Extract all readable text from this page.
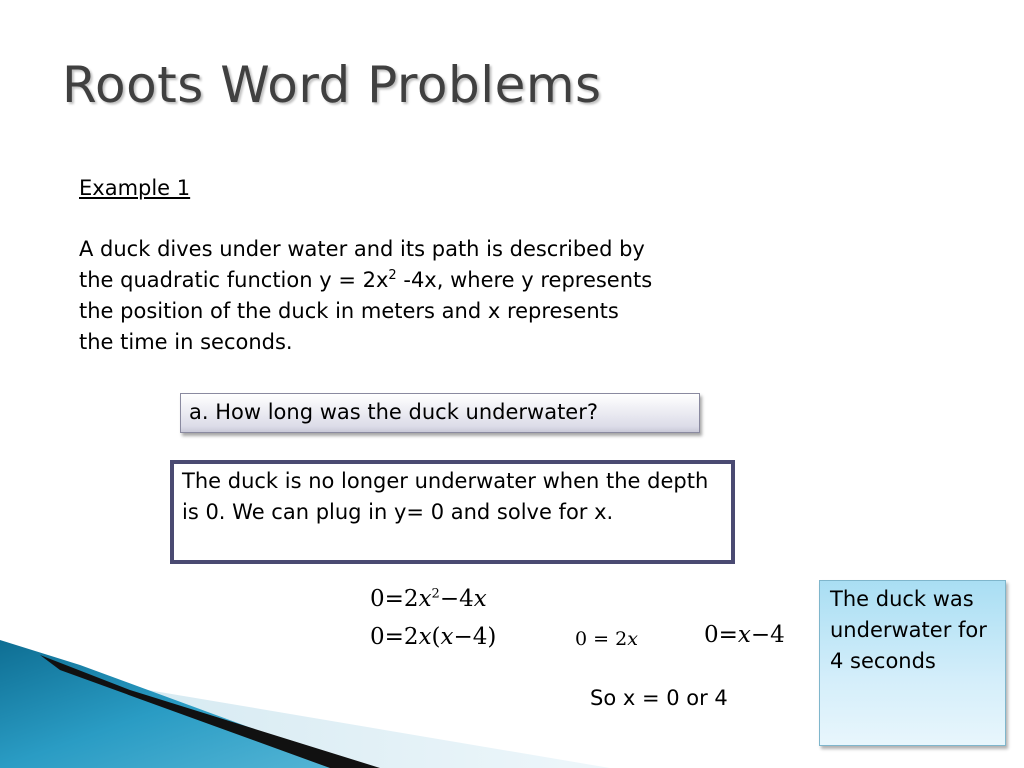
Roots Word Problems
Example 1
A duck dives under water and its path is described by
the quadratic function $y = 2x^2$ -4x, where y represents
the position of the duck in meters and x represents
the time in seconds.
a. How long was the duck underwater?
The duck is no longer underwater when the depth is 0. We can plug in y= 0 and solve for x.
$0=2x^2-4x$
0=2x(x−4)	0 = 2x	0=x−4
So x = 0 or 4
The duck was underwater for 4 seconds
